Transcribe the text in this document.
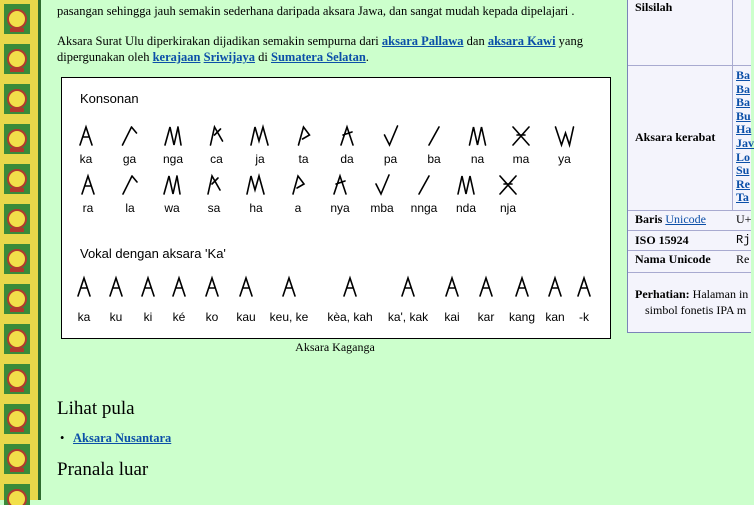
pasangan sehingga jauh semakin sederhana daripada aksara Jawa, dan sangat mudah kepada dipelajari .

Aksara Surat Ulu diperkirakan dijadikan semakin sempurna dari aksara Pallawa dan aksara Kawi yang dipergunakan oleh kerajaan Sriwijaya di Sumatera Selatan.

Konsonan
Vokal dengan aksara 'Ka'
ka	ga nga ca	ja	ta	da	pa	ba	na ma ya
ra	la wa sa ha	a nya mba nnga nda nja
ka ku ki ké ko kau keu, ke kèa, kah ka', kak kai kar kang kan -k
Aksara Kaganga
Lihat pula
• Aksara Nusantara
Pranala luar
Silsilah
Aksara kerabat
Ba
Ba
Ba
Bu
Ha
Jav
Lo
Su
Re
Ta
Baris Unicode	U+
ISO 15924	Rj
Nama Unicode Re
Perhatian: Halaman in
simbol fonetis IPA m
